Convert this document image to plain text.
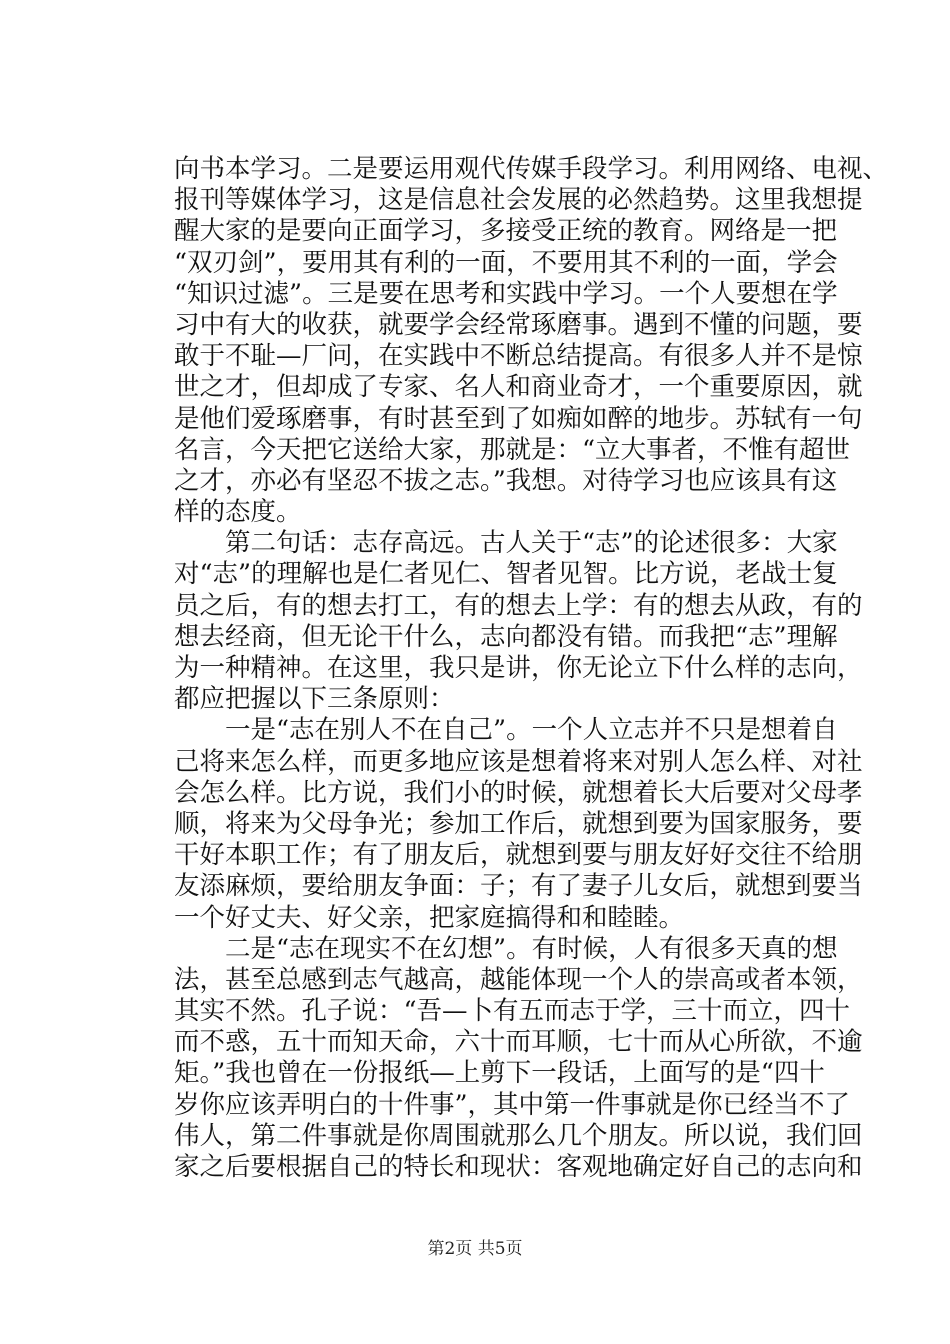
向书本学习。二是要运用观代传媒手段学习。利用网络、电视、
报刊等媒体学习，这是信息社会发展的必然趋势。这里我想提
醒大家的是要向正面学习，多接受正统的教育。网络是一把
“双刃剑”，要用其有利的一面，不要用其不利的一面，学会
“知识过滤”。三是要在思考和实践中学习。一个人要想在学
习中有大的收获，就要学会经常琢磨事。遇到不懂的问题，要
敢于不耻—厂问，在实践中不断总结提高。有很多人并不是惊
世之才，但却成了专家、名人和商业奇才，一个重要原因，就
是他们爱琢磨事，有时甚至到了如痴如醉的地步。苏轼有一句
名言，今天把它送给大家，那就是：“立大事者，不惟有超世
之才，亦必有坚忍不拔之志。”我想。对待学习也应该具有这
样的态度。
　　第二句话：志存高远。古人关于“志”的论述很多：大家
对“志”的理解也是仁者见仁、智者见智。比方说，老战士复
员之后，有的想去打工，有的想去上学：有的想去从政，有的
想去经商，但无论干什么，志向都没有错。而我把“志”理解
为一种精神。在这里，我只是讲，你无论立下什么样的志向，
都应把握以下三条原则：
　　一是“志在别人不在自己”。一个人立志并不只是想着自
己将来怎么样，而更多地应该是想着将来对别人怎么样、对社
会怎么样。比方说，我们小的时候，就想着长大后要对父母孝
顺，将来为父母争光；参加工作后，就想到要为国家服务，要
干好本职工作；有了朋友后，就想到要与朋友好好交往不给朋
友添麻烦，要给朋友争面：子；有了妻子儿女后，就想到要当
一个好丈夫、好父亲，把家庭搞得和和睦睦。
　　二是“志在现实不在幻想”。有时候，人有很多天真的想
法，甚至总感到志气越高，越能体现一个人的崇高或者本领，
其实不然。孔子说：“吾—卜有五而志于学，三十而立，四十
而不惑，五十而知天命，六十而耳顺，七十而从心所欲，不逾
矩。”我也曾在一份报纸—上剪下一段话，上面写的是“四十
岁你应该弄明白的十件事”，其中第一件事就是你已经当不了
伟人，第二件事就是你周围就那么几个朋友。所以说，我们回
家之后要根据自己的特长和现状：客观地确定好自己的志向和
第2页 共5页
